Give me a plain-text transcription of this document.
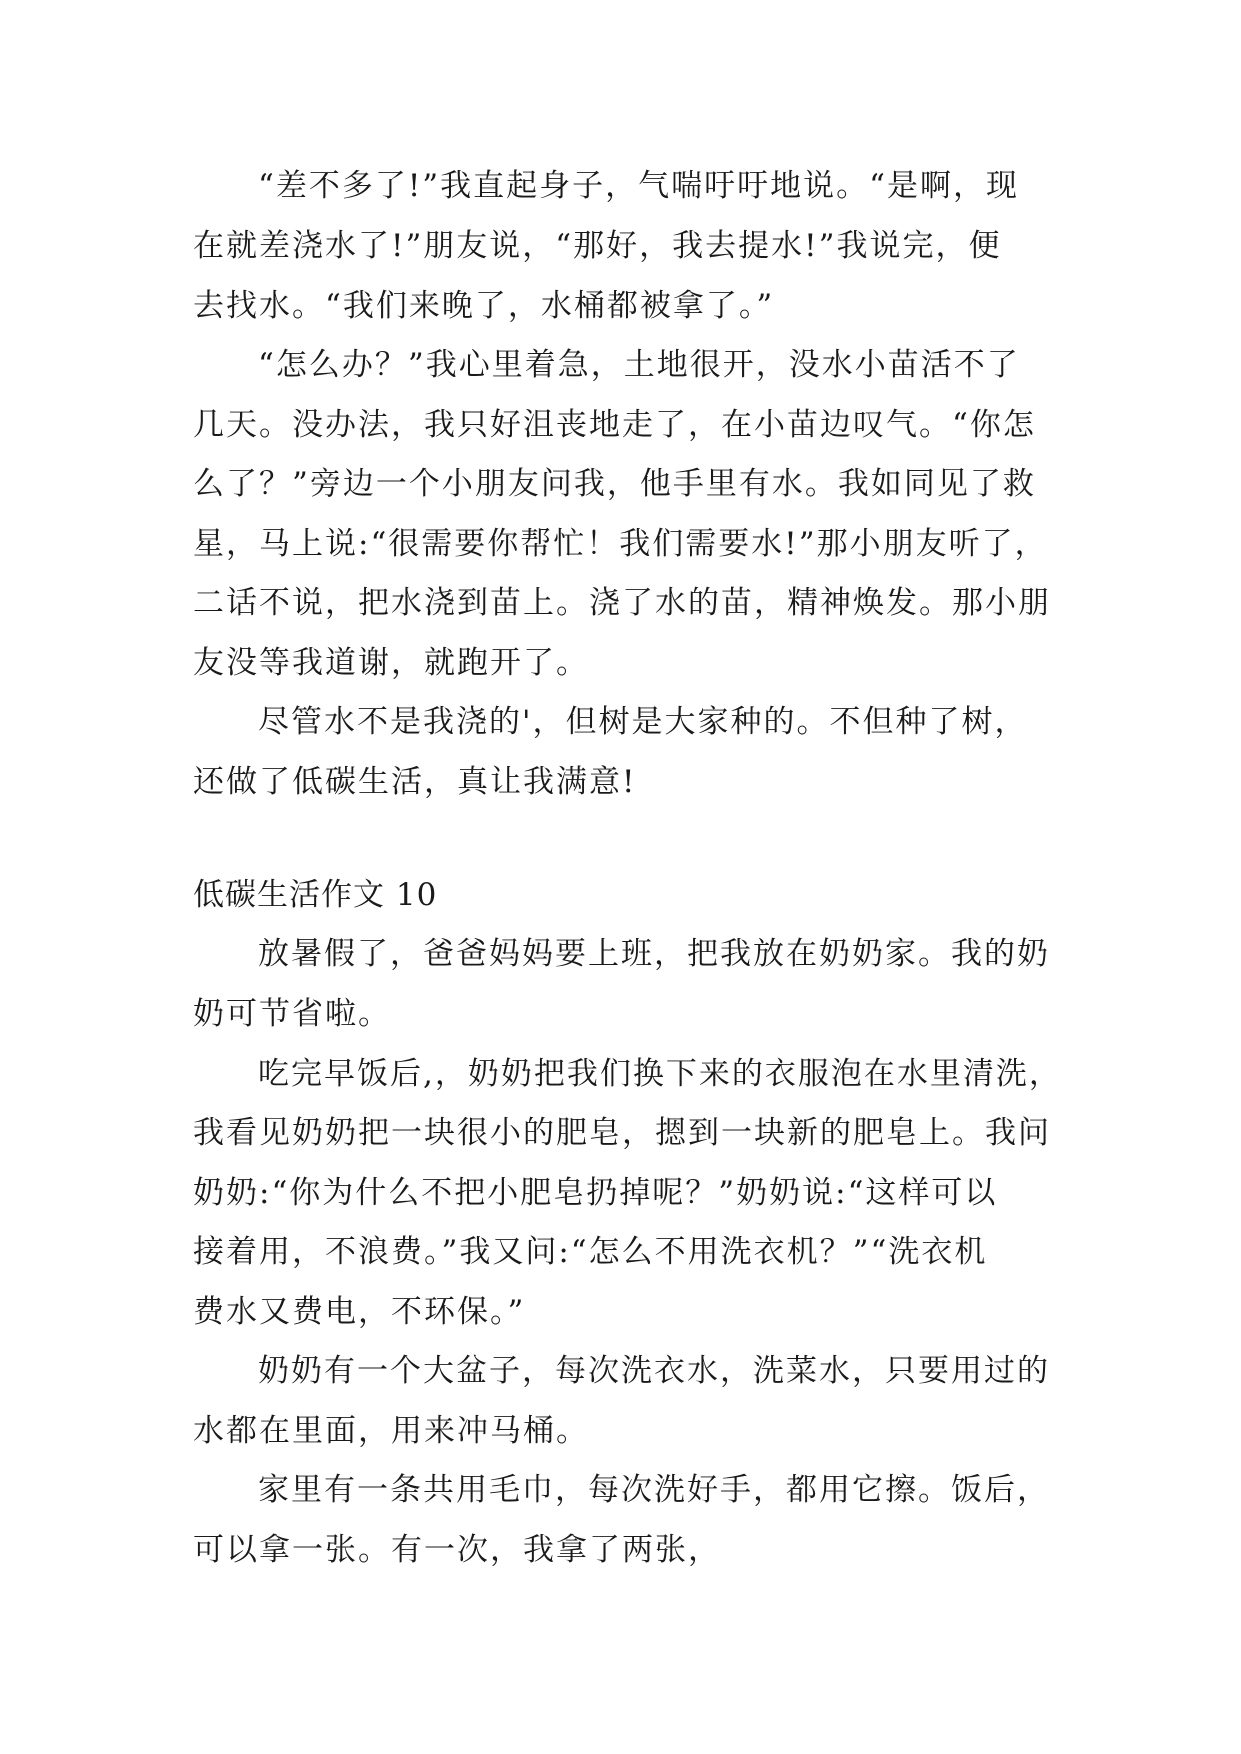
“差不多了!”我直起身子，气喘吁吁地说。“是啊，现
在就差浇水了!”朋友说，“那好，我去提水!”我说完，便
去找水。“我们来晚了，水桶都被拿了。”
“怎么办？”我心里着急，土地很开，没水小苗活不了
几天。没办法，我只好沮丧地走了，在小苗边叹气。“你怎
么了？”旁边一个小朋友问我，他手里有水。我如同见了救
星，马上说:“很需要你帮忙！我们需要水!”那小朋友听了，
二话不说，把水浇到苗上。浇了水的苗，精神焕发。那小朋
友没等我道谢，就跑开了。
尽管水不是我浇的'，但树是大家种的。不但种了树，
还做了低碳生活，真让我满意!
低碳生活作文 10
放暑假了，爸爸妈妈要上班，把我放在奶奶家。我的奶
奶可节省啦。
吃完早饭后,，奶奶把我们换下来的衣服泡在水里清洗，
我看见奶奶把一块很小的肥皂，摁到一块新的肥皂上。我问
奶奶:“你为什么不把小肥皂扔掉呢？”奶奶说:“这样可以
接着用，不浪费。”我又问:“怎么不用洗衣机？”“洗衣机
费水又费电，不环保。”
奶奶有一个大盆子，每次洗衣水，洗菜水，只要用过的
水都在里面，用来冲马桶。
家里有一条共用毛巾，每次洗好手，都用它擦。饭后，
可以拿一张。有一次，我拿了两张，
